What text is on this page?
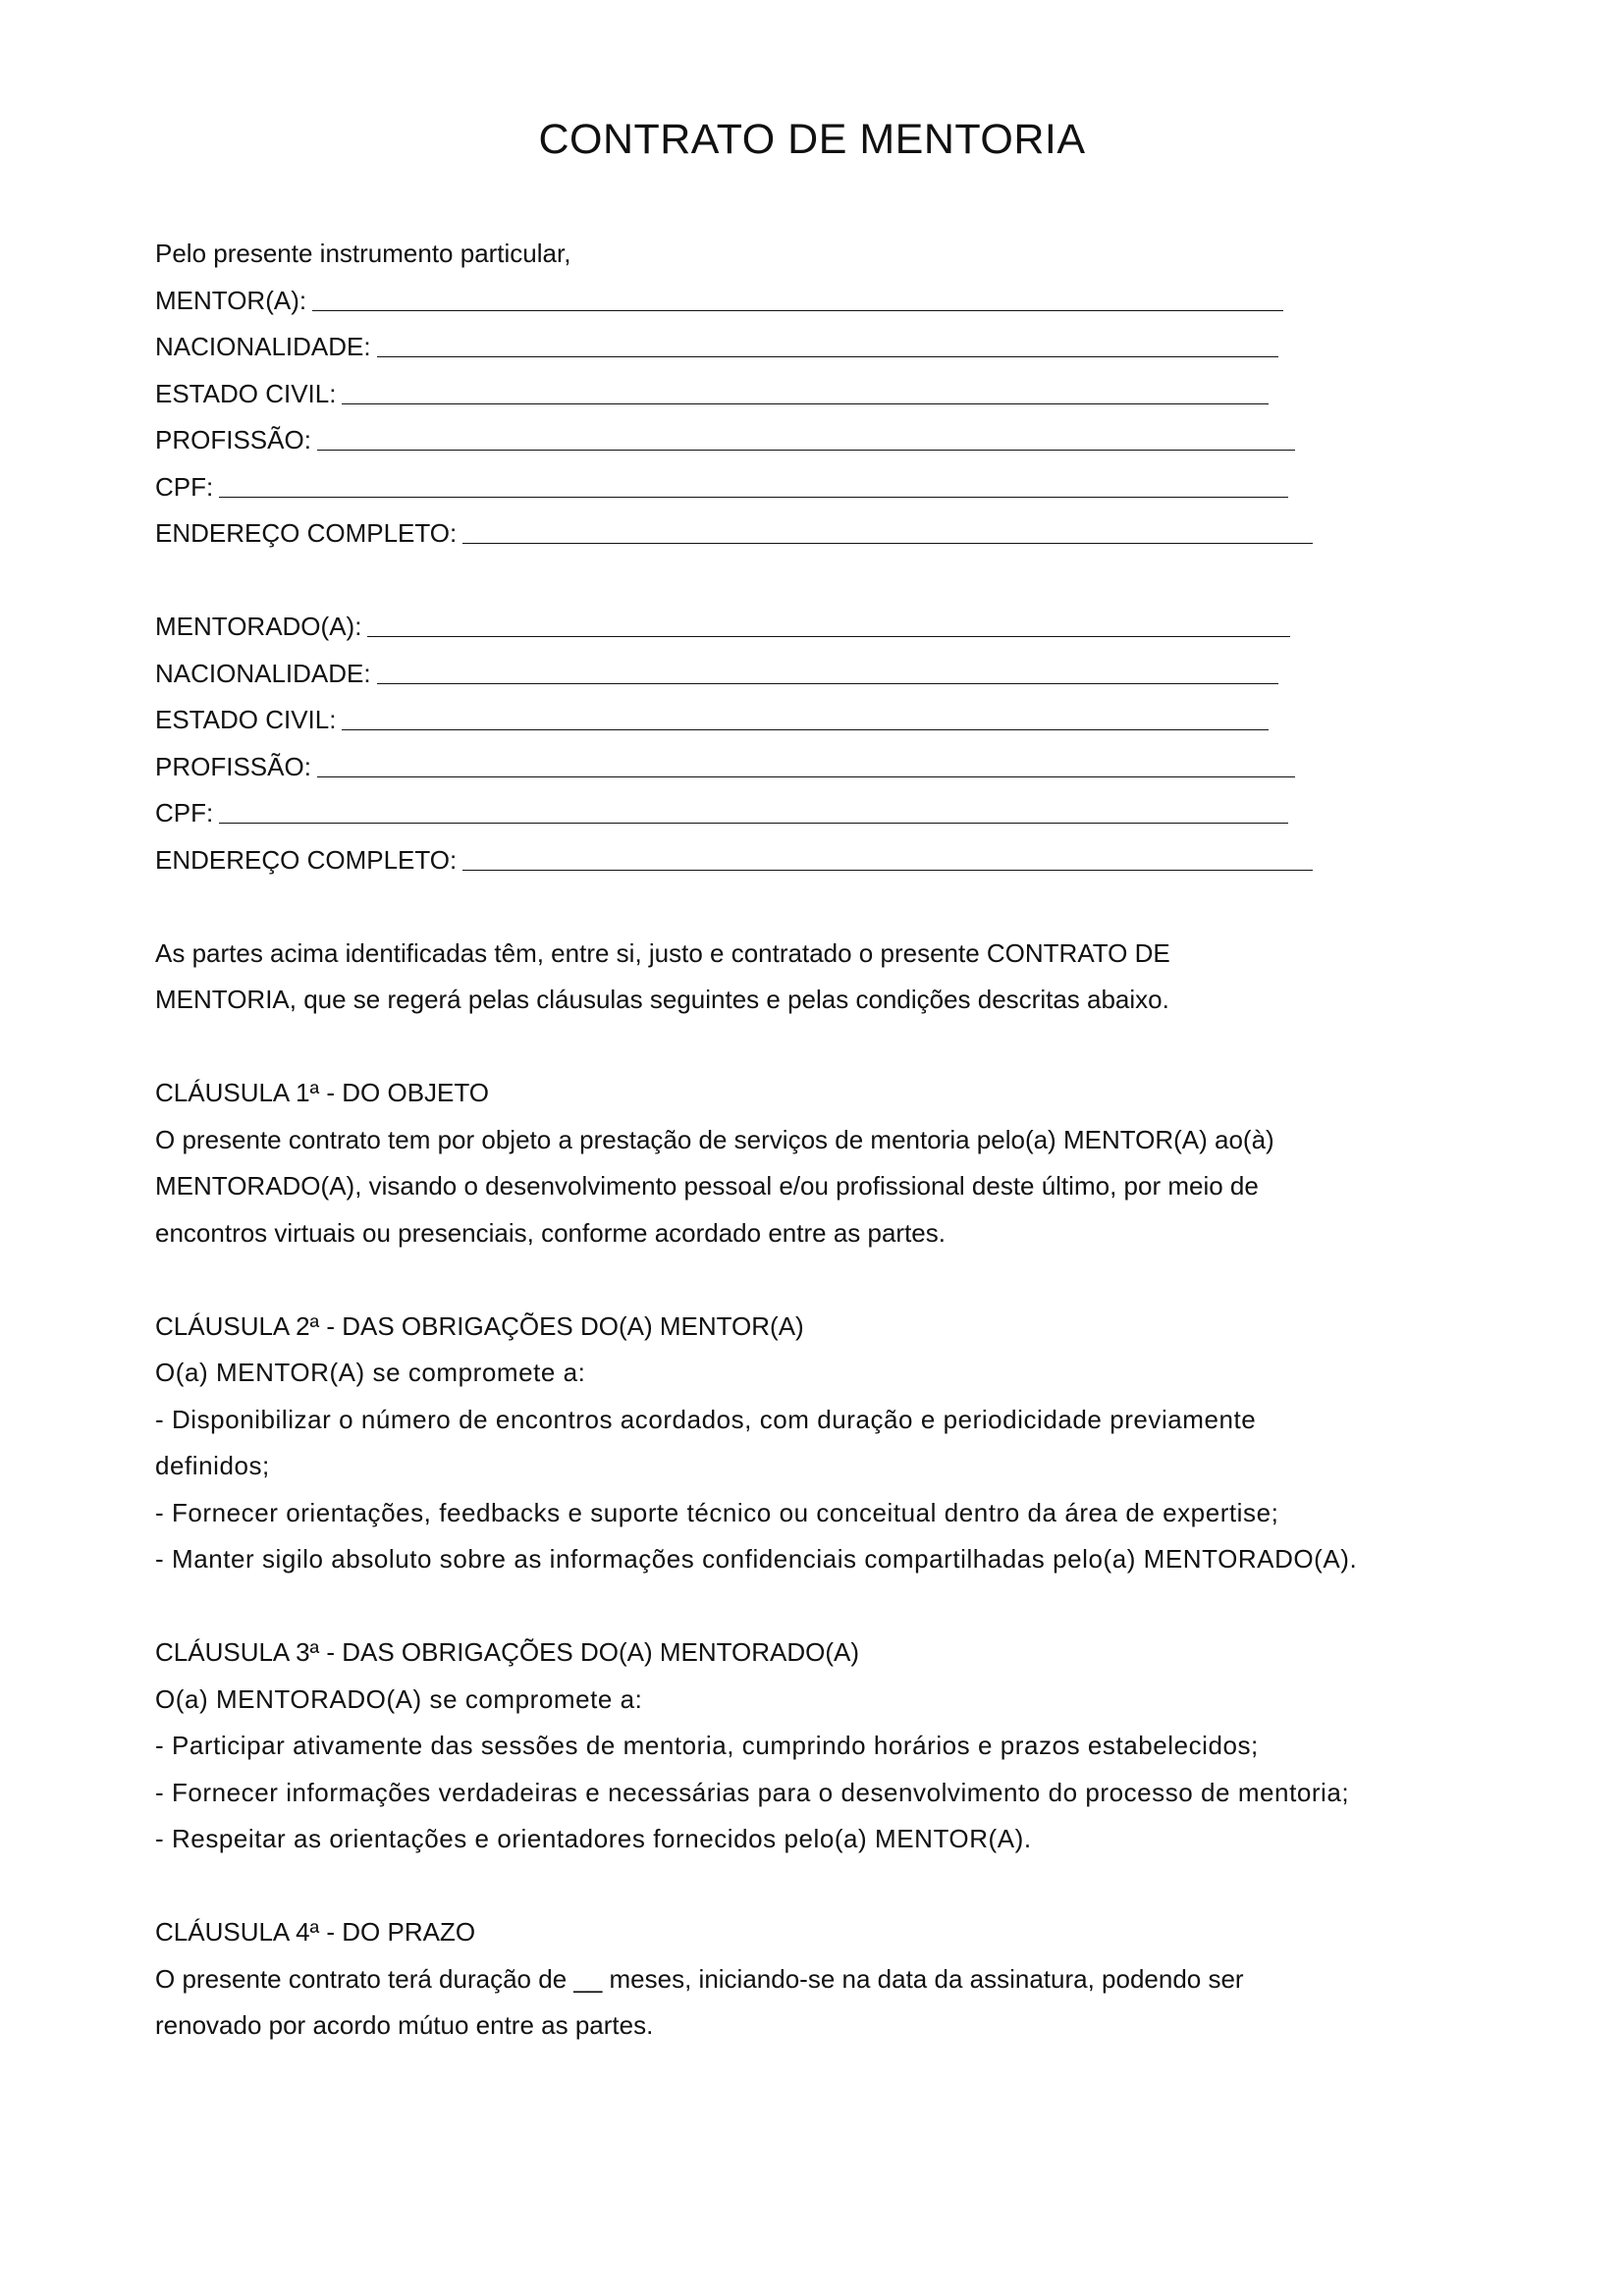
CONTRATO DE MENTORIA
Pelo presente instrumento particular,
MENTOR(A):
NACIONALIDADE:
ESTADO CIVIL:
PROFISSÃO:
CPF:
ENDEREÇO COMPLETO:
MENTORADO(A):
NACIONALIDADE:
ESTADO CIVIL:
PROFISSÃO:
CPF:
ENDEREÇO COMPLETO:
As partes acima identificadas têm, entre si, justo e contratado o presente CONTRATO DE
MENTORIA, que se regerá pelas cláusulas seguintes e pelas condições descritas abaixo.
CLÁUSULA 1ª - DO OBJETO
O presente contrato tem por objeto a prestação de serviços de mentoria pelo(a) MENTOR(A) ao(à)
MENTORADO(A), visando o desenvolvimento pessoal e/ou profissional deste último, por meio de
encontros virtuais ou presenciais, conforme acordado entre as partes.
CLÁUSULA 2ª - DAS OBRIGAÇÕES DO(A) MENTOR(A)
O(a) MENTOR(A) se compromete a:
- Disponibilizar o número de encontros acordados, com duração e periodicidade previamente
definidos;
- Fornecer orientações, feedbacks e suporte técnico ou conceitual dentro da área de expertise;
- Manter sigilo absoluto sobre as informações confidenciais compartilhadas pelo(a) MENTORADO(A).
CLÁUSULA 3ª - DAS OBRIGAÇÕES DO(A) MENTORADO(A)
O(a) MENTORADO(A) se compromete a:
- Participar ativamente das sessões de mentoria, cumprindo horários e prazos estabelecidos;
- Fornecer informações verdadeiras e necessárias para o desenvolvimento do processo de mentoria;
- Respeitar as orientações e orientadores fornecidos pelo(a) MENTOR(A).
CLÁUSULA 4ª - DO PRAZO
O presente contrato terá duração de __ meses, iniciando-se na data da assinatura, podendo ser
renovado por acordo mútuo entre as partes.
